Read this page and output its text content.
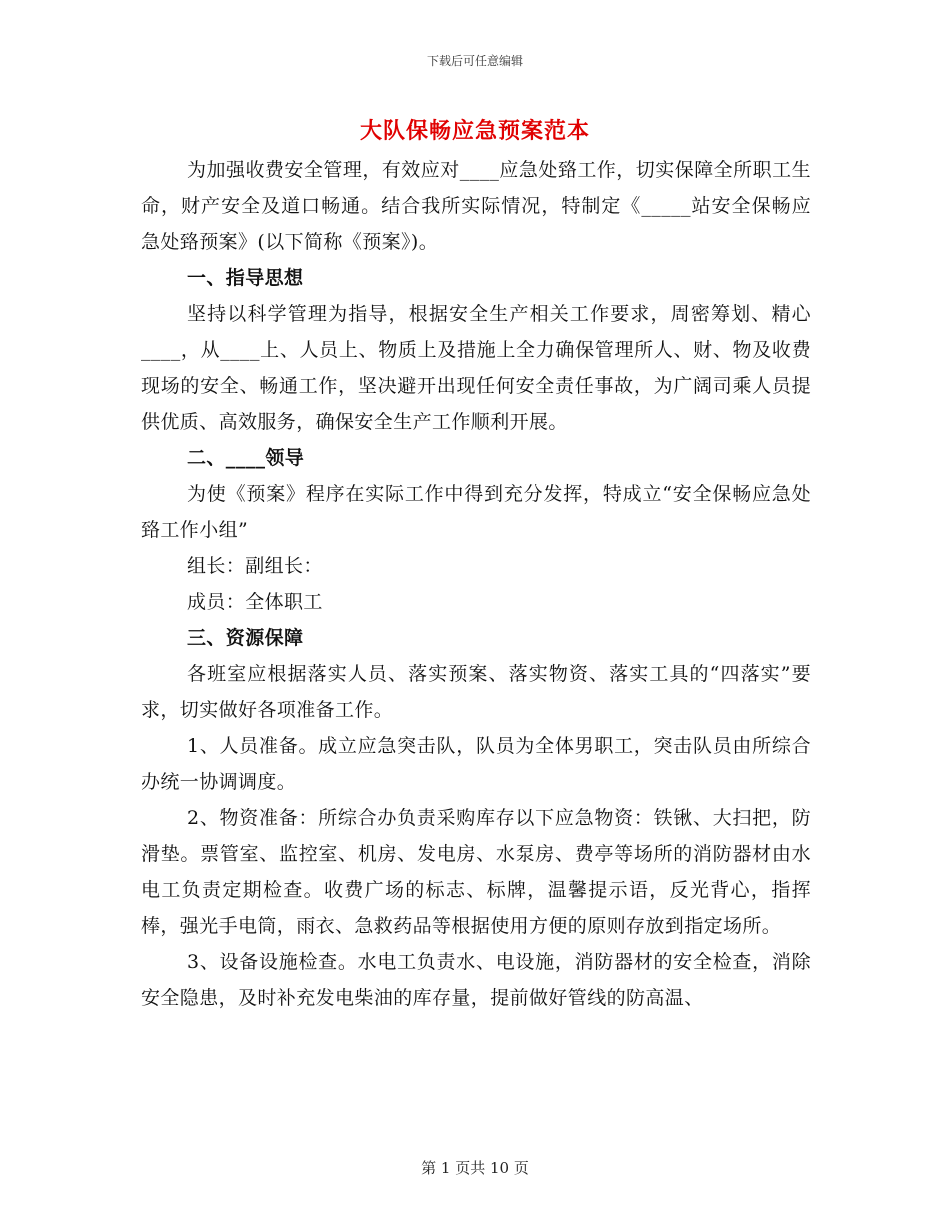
下载后可任意编辑
大队保畅应急预案范本

为加强收费安全管理，有效应对____应急处臵工作，切实保障全所职工生命，财产安全及道口畅通。结合我所实际情况，特制定《_____站安全保畅应急处臵预案》(以下简称《预案》)。

一、指导思想

坚持以科学管理为指导，根据安全生产相关工作要求，周密筹划、精心____，从____上、人员上、物质上及措施上全力确保管理所人、财、物及收费现场的安全、畅通工作，坚决避开出现任何安全责任事故，为广阔司乘人员提供优质、高效服务，确保安全生产工作顺利开展。

二、____领导

为使《预案》程序在实际工作中得到充分发挥，特成立“安全保畅应急处臵工作小组”

组长：副组长：

成员：全体职工

三、资源保障

各班室应根据落实人员、落实预案、落实物资、落实工具的“四落实”要求，切实做好各项准备工作。

1、人员准备。成立应急突击队，队员为全体男职工，突击队员由所综合办统一协调调度。

2、物资准备：所综合办负责采购库存以下应急物资：铁锹、大扫把，防滑垫。票管室、监控室、机房、发电房、水泵房、费亭等场所的消防器材由水电工负责定期检查。收费广场的标志、标牌，温馨提示语，反光背心，指挥棒，强光手电筒，雨衣、急救药品等根据使用方便的原则存放到指定场所。

3、设备设施检查。水电工负责水、电设施，消防器材的安全检查，消除安全隐患，及时补充发电柴油的库存量，提前做好管线的防高温、

第 1 页共 10 页
